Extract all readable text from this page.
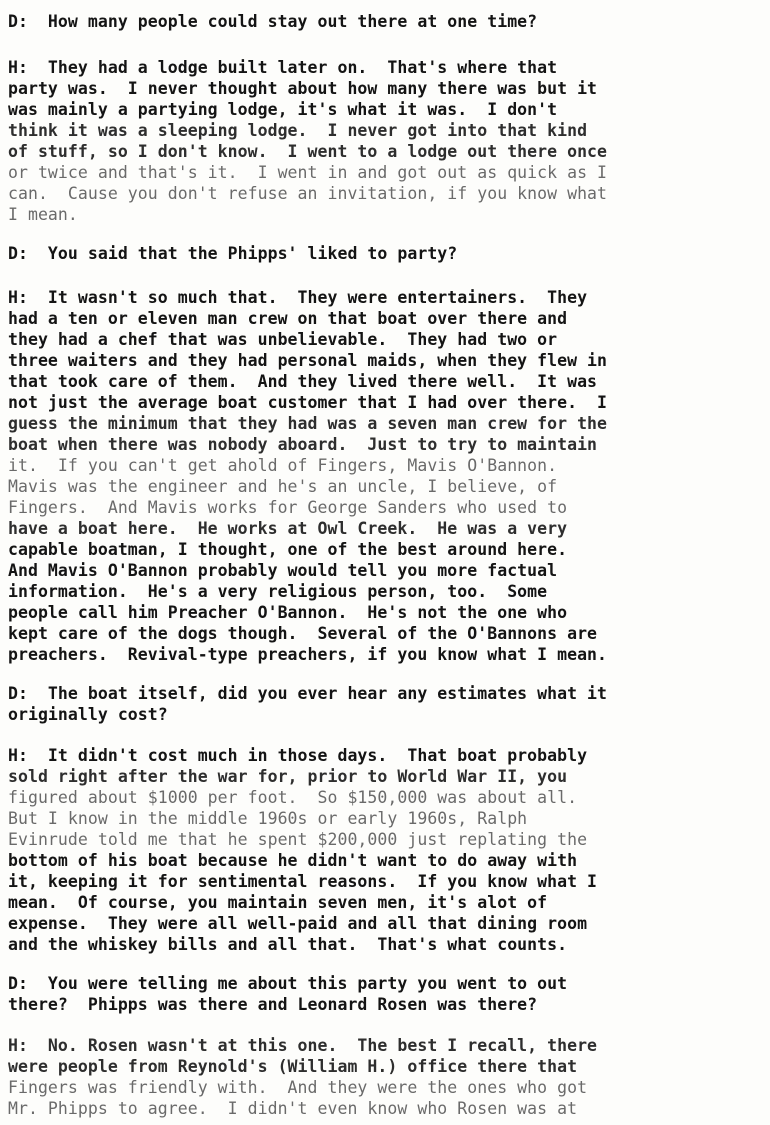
D:  How many people could stay out there at one time?

H:  They had a lodge built later on.  That's where that

party was.  I never thought about how many there was but it

was mainly a partying lodge, it's what it was.  I don't

think it was a sleeping lodge.  I never got into that kind

of stuff, so I don't know.  I went to a lodge out there once

or twice and that's it.  I went in and got out as quick as I

can.  Cause you don't refuse an invitation, if you know what

I mean.

D:  You said that the Phipps' liked to party?

H:  It wasn't so much that.  They were entertainers.  They

had a ten or eleven man crew on that boat over there and

they had a chef that was unbelievable.  They had two or

three waiters and they had personal maids, when they flew in

that took care of them.  And they lived there well.  It was

not just the average boat customer that I had over there.  I

guess the minimum that they had was a seven man crew for the

boat when there was nobody aboard.  Just to try to maintain

it.  If you can't get ahold of Fingers, Mavis O'Bannon.

Mavis was the engineer and he's an uncle, I believe, of

Fingers.  And Mavis works for George Sanders who used to

have a boat here.  He works at Owl Creek.  He was a very

capable boatman, I thought, one of the best around here.

And Mavis O'Bannon probably would tell you more factual

information.  He's a very religious person, too.  Some

people call him Preacher O'Bannon.  He's not the one who

kept care of the dogs though.  Several of the O'Bannons are

preachers.  Revival-type preachers, if you know what I mean.

D:  The boat itself, did you ever hear any estimates what it

originally cost?

H:  It didn't cost much in those days.  That boat probably

sold right after the war for, prior to World War II, you

figured about $1000 per foot.  So $150,000 was about all.

But I know in the middle 1960s or early 1960s, Ralph

Evinrude told me that he spent $200,000 just replating the

bottom of his boat because he didn't want to do away with

it, keeping it for sentimental reasons.  If you know what I

mean.  Of course, you maintain seven men, it's alot of

expense.  They were all well-paid and all that dining room

and the whiskey bills and all that.  That's what counts.

D:  You were telling me about this party you went to out

there?  Phipps was there and Leonard Rosen was there?

H:  No. Rosen wasn't at this one.  The best I recall, there

were people from Reynold's (William H.) office there that

Fingers was friendly with.  And they were the ones who got

Mr. Phipps to agree.  I didn't even know who Rosen was at
